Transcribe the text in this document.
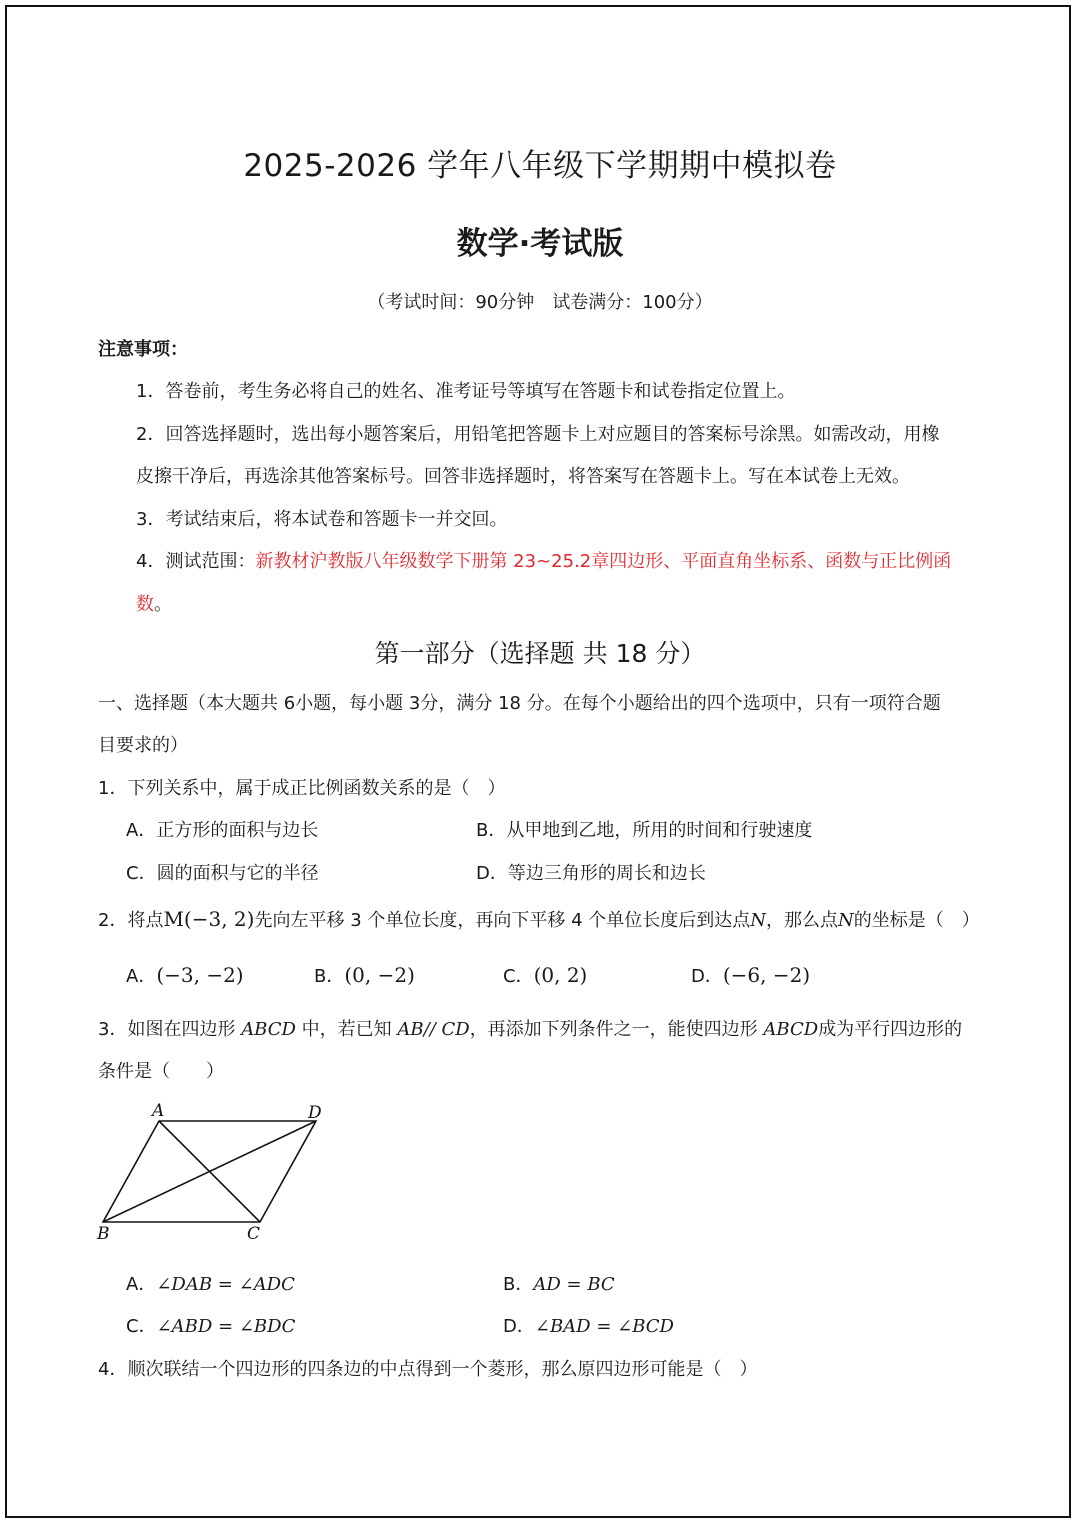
2025-2026 学年八年级下学期期中模拟卷
数学·考试版
（考试时间：90分钟　试卷满分：100分）
注意事项：
1．答卷前，考生务必将自己的姓名、准考证号等填写在答题卡和试卷指定位置上。
2．回答选择题时，选出每小题答案后，用铅笔把答题卡上对应题目的答案标号涂黑。如需改动，用橡
皮擦干净后，再选涂其他答案标号。回答非选择题时，将答案写在答题卡上。写在本试卷上无效。
3．考试结束后，将本试卷和答题卡一并交回。
4．测试范围：新教材沪教版八年级数学下册第 23~25.2章四边形、平面直角坐标系、函数与正比例函
数。
第一部分（选择题 共 18 分）
一、选择题（本大题共 6小题，每小题 3分，满分 18 分。在每个小题给出的四个选项中，只有一项符合题
目要求的）
1．下列关系中，属于成正比例函数关系的是（　）
A．正方形的面积与边长	B．从甲地到乙地，所用的时间和行驶速度
C．圆的面积与它的半径	D．等边三角形的周长和边长
2．将点M(−3, 2)先向左平移 3 个单位长度，再向下平移 4 个单位长度后到达点N，那么点N的坐标是（　）
A．(−3, −2)	B．(0, −2)	C．(0, 2)	D．(−6, −2)
3．如图在四边形 ABCD 中，若已知 AB// CD，再添加下列条件之一，能使四边形 ABCD成为平行四边形的
条件是（　　）
A	D
B	C
A．∠DAB = ∠ADC	B．AD = BC
C．∠ABD = ∠BDC	D．∠BAD = ∠BCD
4．顺次联结一个四边形的四条边的中点得到一个菱形，那么原四边形可能是（　）
